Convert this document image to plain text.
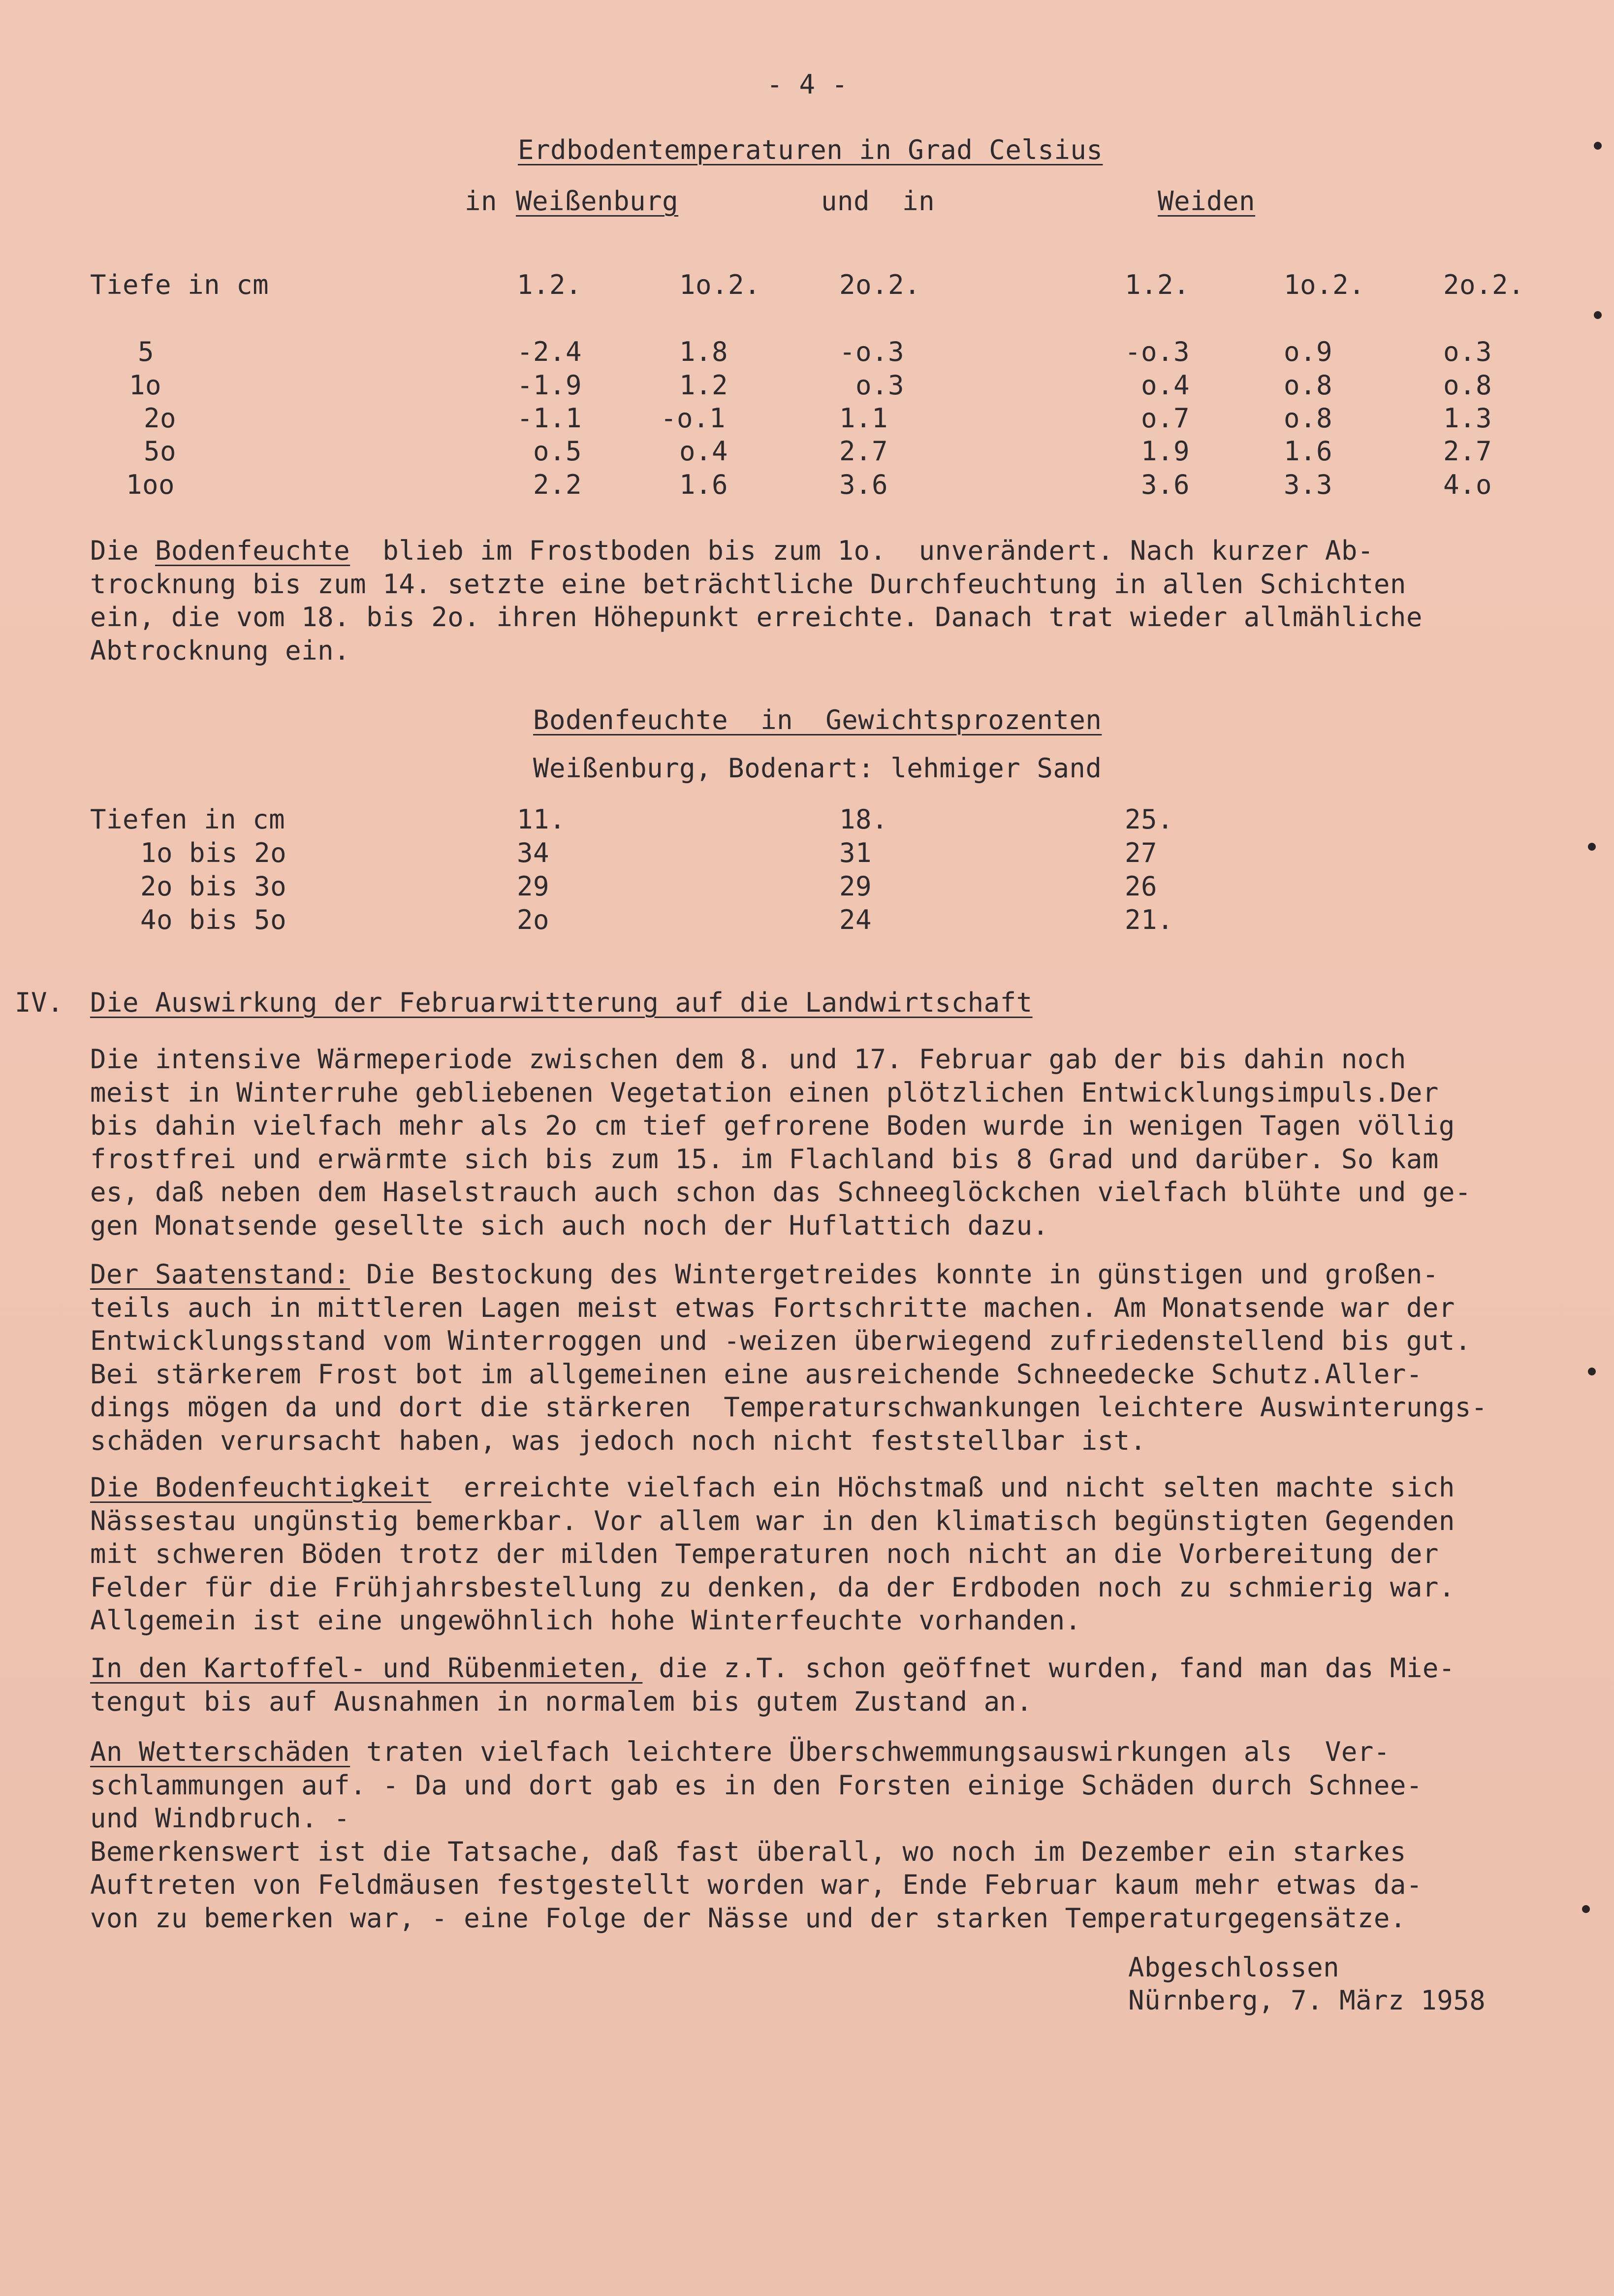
- 4 -
Erdbodentemperaturen in Grad Celsius
in Weißenburg	und  in	Weiden
Tiefe in cm	1.2.	1o.2.	2o.2.	1.2.	1o.2.	2o.2.
5	-2.4	1.8	-o.3	-o.3	o.9	o.3
1o	-1.9	1.2	o.3	o.4	o.8	o.8
2o	-1.1	-o.1	1.1	o.7	o.8	1.3
5o	o.5	o.4	2.7	1.9	1.6	2.7
1oo	2.2	1.6	3.6	3.6	3.3	4.o
Die Bodenfeuchte blieb im Frostboden bis zum 1o.  unverändert. Nach kurzer Ab-
trocknung bis zum 14. setzte eine beträchtliche Durchfeuchtung in allen Schichten
ein, die vom 18. bis 2o. ihren Höhepunkt erreichte. Danach trat wieder allmähliche
Abtrocknung ein.
Bodenfeuchte  in  Gewichtsprozenten
Weißenburg, Bodenart: lehmiger Sand
Tiefen in cm	11.	18.	25.
1o bis 2o	34	31	27
2o bis 3o	29	29	26
4o bis 5o	2o	24	21.
IV. Die Auswirkung der Februarwitterung auf die Landwirtschaft
Die intensive Wärmeperiode zwischen dem 8. und 17. Februar gab der bis dahin noch
meist in Winterruhe gebliebenen Vegetation einen plötzlichen Entwicklungsimpuls.Der
bis dahin vielfach mehr als 2o cm tief gefrorene Boden wurde in wenigen Tagen völlig
frostfrei und erwärmte sich bis zum 15. im Flachland bis 8 Grad und darüber. So kam
es, daß neben dem Haselstrauch auch schon das Schneeglöckchen vielfach blühte und ge-
gen Monatsende gesellte sich auch noch der Huflattich dazu.
Der Saatenstand: Die Bestockung des Wintergetreides konnte in günstigen und großen-
teils auch in mittleren Lagen meist etwas Fortschritte machen. Am Monatsende war der
Entwicklungsstand vom Winterroggen und -weizen überwiegend zufriedenstellend bis gut.
Bei stärkerem Frost bot im allgemeinen eine ausreichende Schneedecke Schutz.Aller-
dings mögen da und dort die stärkeren  Temperaturschwankungen leichtere Auswinterungs-
schäden verursacht haben, was jedoch noch nicht feststellbar ist.
Die Bodenfeuchtigkeit  erreichte vielfach ein Höchstmaß und nicht selten machte sich
Nässestau ungünstig bemerkbar. Vor allem war in den klimatisch begünstigten Gegenden
mit schweren Böden trotz der milden Temperaturen noch nicht an die Vorbereitung der
Felder für die Frühjahrsbestellung zu denken, da der Erdboden noch zu schmierig war.
Allgemein ist eine ungewöhnlich hohe Winterfeuchte vorhanden.
In den Kartoffel- und Rübenmieten, die z.T. schon geöffnet wurden, fand man das Mie-
tengut bis auf Ausnahmen in normalem bis gutem Zustand an.
An Wetterschäden traten vielfach leichtere Überschwemmungsauswirkungen als  Ver-
schlammungen auf. - Da und dort gab es in den Forsten einige Schäden durch Schnee-
und Windbruch. -
Bemerkenswert ist die Tatsache, daß fast überall, wo noch im Dezember ein starkes
Auftreten von Feldmäusen festgestellt worden war, Ende Februar kaum mehr etwas da-
von zu bemerken war, - eine Folge der Nässe und der starken Temperaturgegensätze.
Abgeschlossen
Nürnberg, 7. März 1958
